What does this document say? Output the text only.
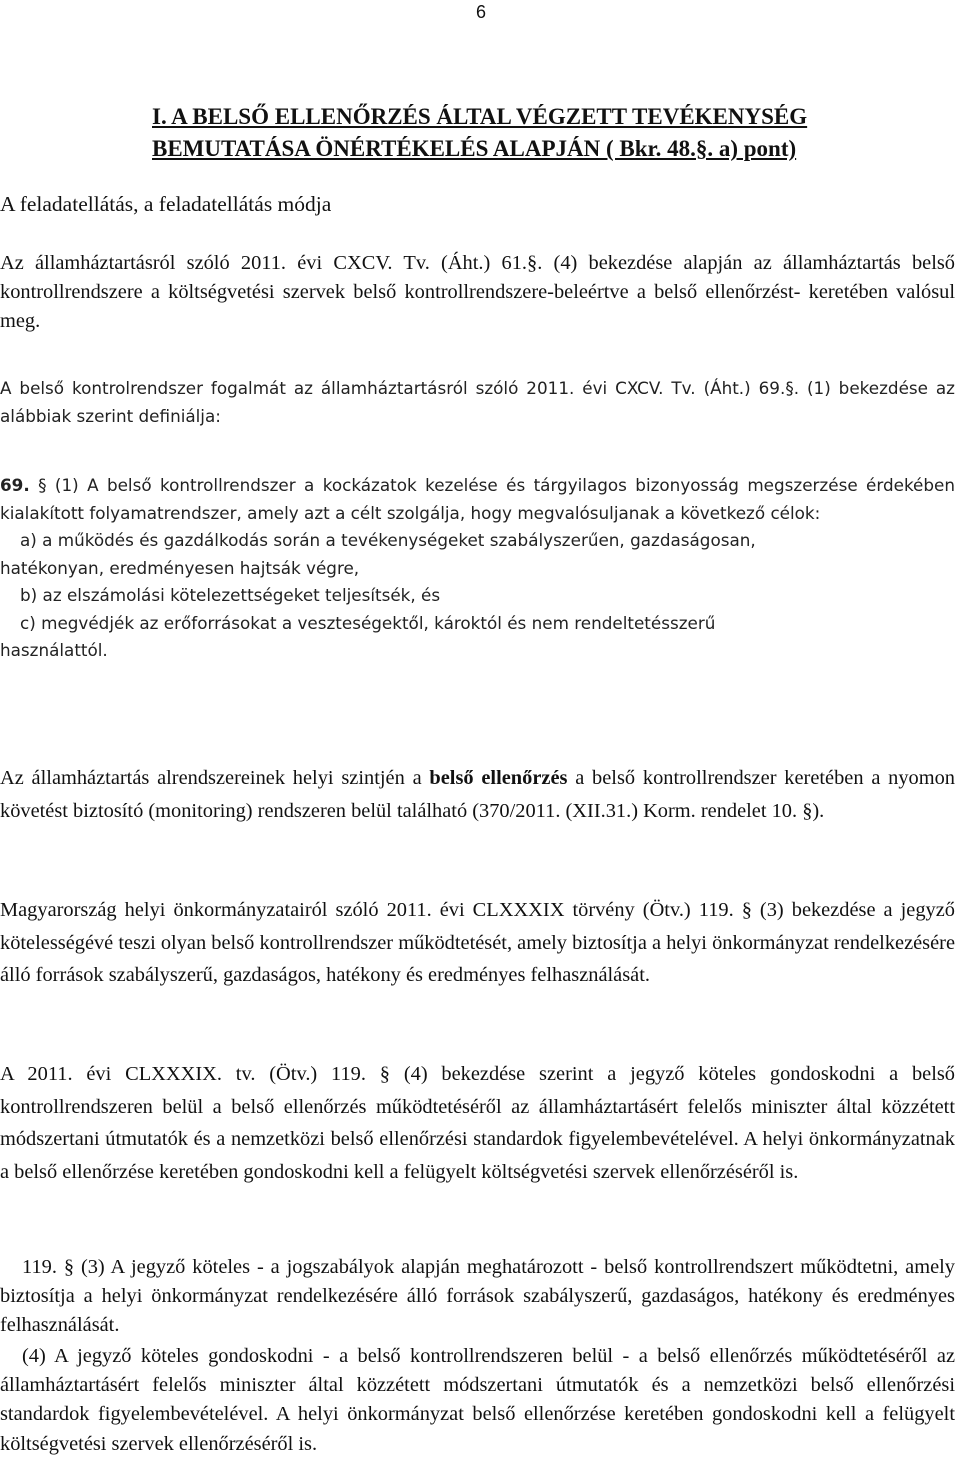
6
I. A BELSŐ ELLENŐRZÉS ÁLTAL VÉGZETT TEVÉKENYSÉG
BEMUTATÁSA ÖNÉRTÉKELÉS ALAPJÁN ( Bkr. 48.§. a) pont)
A feladatellátás, a feladatellátás módja

Az államháztartásról szóló 2011. évi CXCV. Tv. (Áht.) 61.§. (4) bekezdése alapján az államháztartás belső kontrollrendszere a költségvetési szervek belső kontrollrendszere-beleértve a belső ellenőrzést- keretében valósul meg.

A belső kontrolrendszer fogalmát az államháztartásról szóló 2011. évi CXCV. Tv. (Áht.) 69.§. (1) bekezdése az alábbiak szerint definiálja:

69. § (1) A belső kontrollrendszer a kockázatok kezelése és tárgyilagos bizonyosság megszerzése érdekében kialakított folyamatrendszer, amely azt a célt szolgálja, hogy megvalósuljanak a következő célok:

a) a működés és gazdálkodás során a tevékenységeket szabályszerűen, gazdaságosan,

hatékonyan, eredményesen hajtsák végre,

b) az elszámolási kötelezettségeket teljesítsék, és

c) megvédjék az erőforrásokat a veszteségektől, károktól és nem rendeltetésszerű

használattól.

Az államháztartás alrendszereinek helyi szintjén a belső ellenőrzés a belső kontrollrendszer keretében a nyomon követést biztosító (monitoring) rendszeren belül található (370/2011. (XII.31.) Korm. rendelet 10. §).

Magyarország helyi önkormányzatairól szóló 2011. évi CLXXXIX törvény (Ötv.) 119. § (3) bekezdése a jegyző kötelességévé teszi olyan belső kontrollrendszer működtetését, amely biztosítja a helyi önkormányzat rendelkezésére álló források szabályszerű, gazdaságos, hatékony és eredményes felhasználását.

A 2011. évi CLXXXIX. tv. (Ötv.) 119. § (4) bekezdése szerint a jegyző köteles gondoskodni a belső kontrollrendszeren belül a belső ellenőrzés működtetéséről az államháztartásért felelős miniszter által közzétett módszertani útmutatók és a nemzetközi belső ellenőrzési standardok figyelembevételével. A helyi önkormányzatnak a belső ellenőrzése keretében gondoskodni kell a felügyelt költségvetési szervek ellenőrzéséről is.

119. § (3) A jegyző köteles - a jogszabályok alapján meghatározott - belső kontrollrendszert működtetni, amely biztosítja a helyi önkormányzat rendelkezésére álló források szabályszerű, gazdaságos, hatékony és eredményes felhasználását.

(4) A jegyző köteles gondoskodni - a belső kontrollrendszeren belül - a belső ellenőrzés működtetéséről az államháztartásért felelős miniszter által közzétett módszertani útmutatók és a nemzetközi belső ellenőrzési standardok figyelembevételével. A helyi önkormányzat belső ellenőrzése keretében gondoskodni kell a felügyelt költségvetési szervek ellenőrzéséről is.
